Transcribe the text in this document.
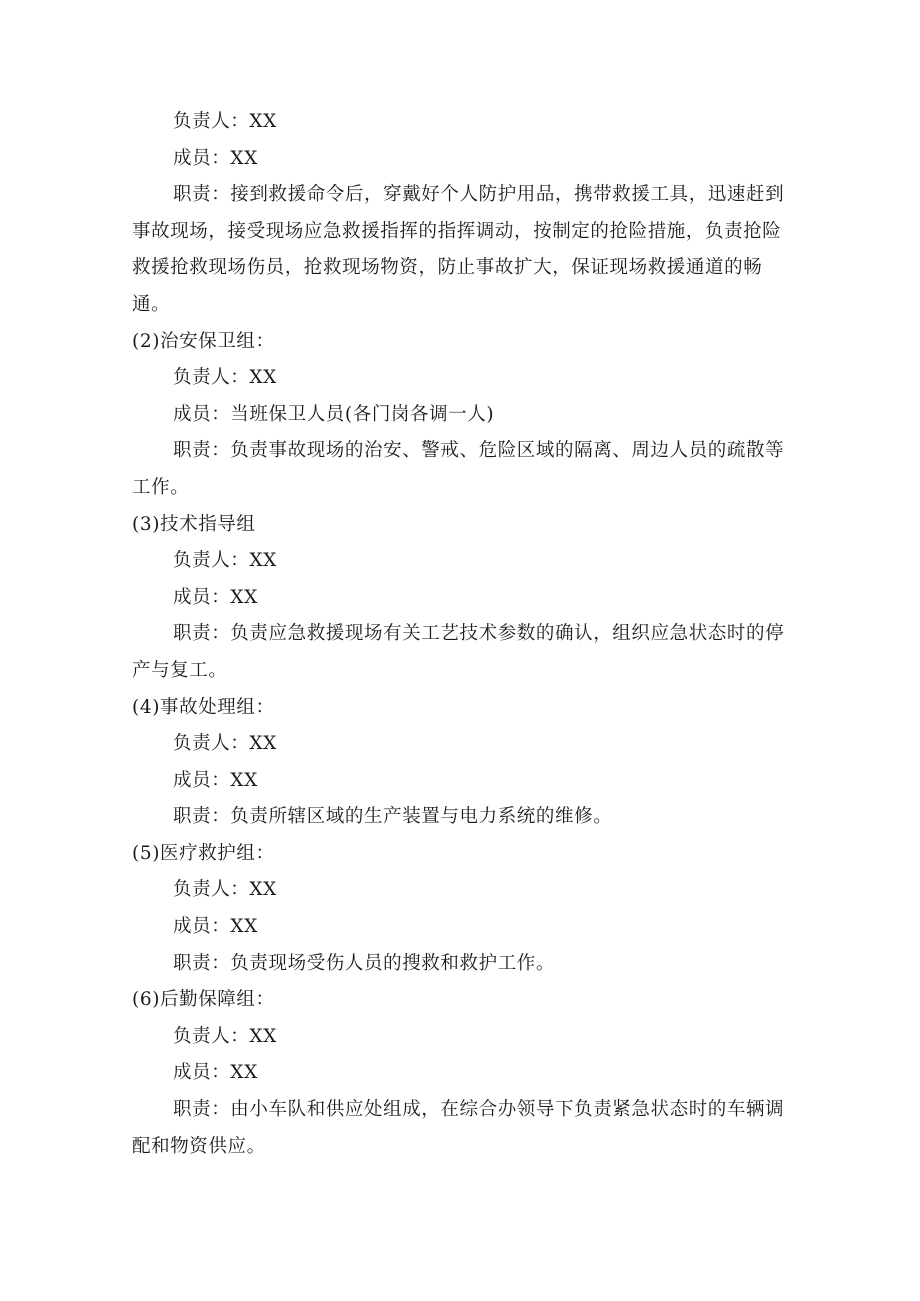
负责人：XX

成员：XX

职责：接到救援命令后，穿戴好个人防护用品，携带救援工具，迅速赶到事故现场，接受现场应急救援指挥的指挥调动，按制定的抢险措施，负责抢险救援抢救现场伤员，抢救现场物资，防止事故扩大，保证现场救援通道的畅通。

(2)治安保卫组：

负责人：XX

成员：当班保卫人员(各门岗各调一人)

职责：负责事故现场的治安、警戒、危险区域的隔离、周边人员的疏散等工作。

(3)技术指导组

负责人：XX

成员：XX

职责：负责应急救援现场有关工艺技术参数的确认，组织应急状态时的停产与复工。

(4)事故处理组：

负责人：XX

成员：XX

职责：负责所辖区域的生产装置与电力系统的维修。

(5)医疗救护组：

负责人：XX

成员：XX

职责：负责现场受伤人员的搜救和救护工作。

(6)后勤保障组：

负责人：XX

成员：XX

职责：由小车队和供应处组成，在综合办领导下负责紧急状态时的车辆调配和物资供应。
